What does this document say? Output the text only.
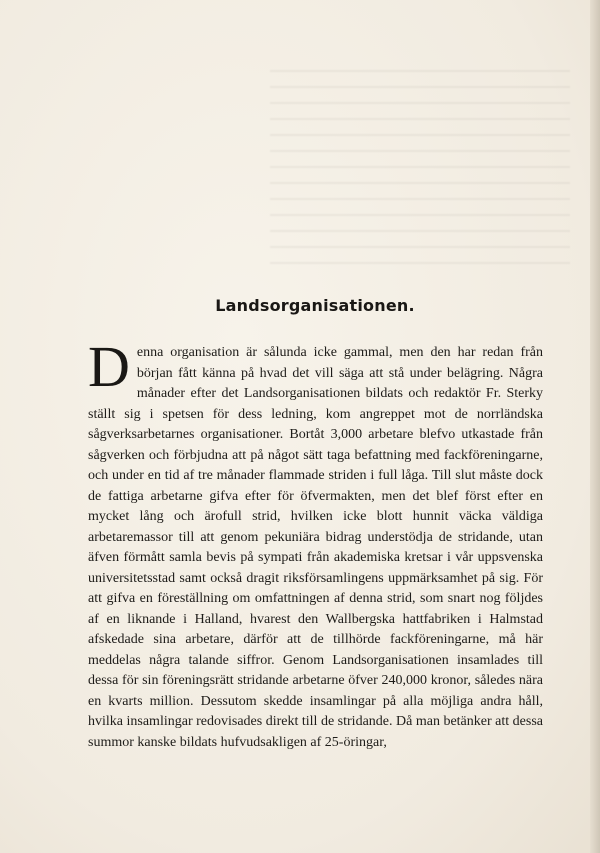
Landsorganisationen.
Denna organisation är sålunda icke gammal, men den har redan från början fått känna på hvad det vill säga att stå under belägring. Några månader efter det Landsorganisationen bildats och redaktör Fr. Sterky ställt sig i spetsen för dess ledning, kom angreppet mot de norrländska sågverksarbetarnes organisationer. Bortåt 3,000 arbetare blefvo utkastade från sågverken och förbjudna att på något sätt taga befattning med fackföreningarne, och under en tid af tre månader flammade striden i full låga. Till slut måste dock de fattiga arbetarne gifva efter för öfvermakten, men det blef först efter en mycket lång och ärofull strid, hvilken icke blott hunnit väcka väldiga arbetaremassor till att genom pekuniära bidrag understödja de stridande, utan äfven förmått samla bevis på sympati från akademiska kretsar i vår uppsvenska universitetsstad samt också dragit riksförsamlingens uppmärksamhet på sig. För att gifva en föreställning om omfattningen af denna strid, som snart nog följdes af en liknande i Halland, hvarest den Wallbergska hattfabriken i Halmstad afskedade sina arbetare, därför att de tillhörde fackföreningarne, må här meddelas några talande siffror. Genom Landsorganisationen insamlades till dessa för sin föreningsrätt stridande arbetarne öfver 240,000 kronor, således nära en kvarts million. Dessutom skedde insamlingar på alla möjliga andra håll, hvilka insamlingar redovisades direkt till de stridande. Då man betänker att dessa summor kanske bildats hufvudsakligen af 25-öringar,
